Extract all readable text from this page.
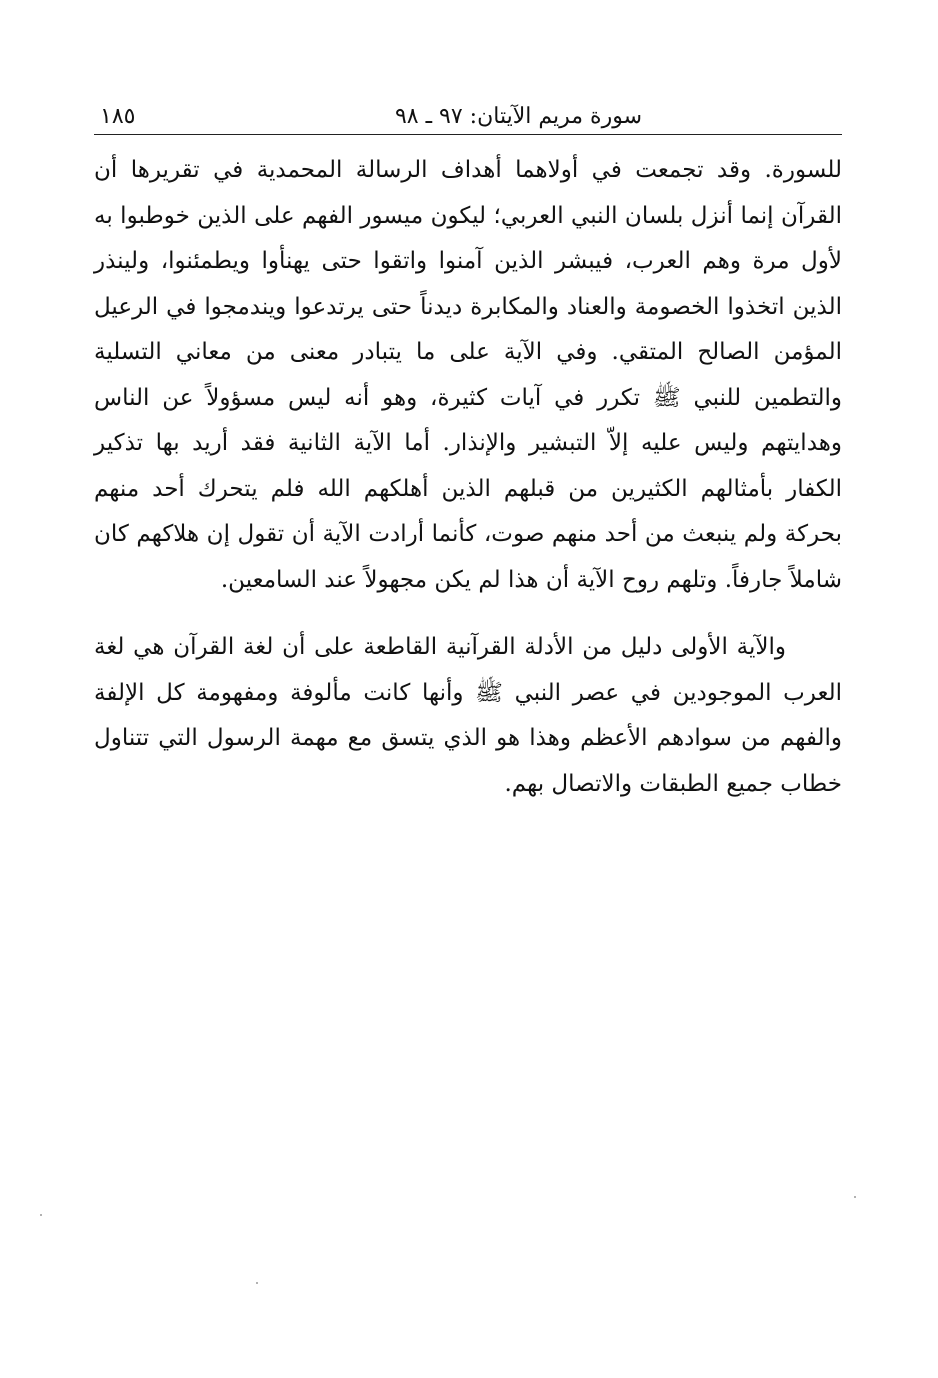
سورة مريم الآيتان: ٩٧ ـ ٩٨
١٨٥

للسورة. وقد تجمعت في أولاهما أهداف الرسالة المحمدية في تقريرها أن القرآن إنما أنزل بلسان النبي العربي؛ ليكون ميسور الفهم على الذين خوطبوا به لأول مرة وهم العرب، فيبشر الذين آمنوا واتقوا حتى يهنأوا ويطمئنوا، ولينذر الذين اتخذوا الخصومة والعناد والمكابرة ديدناً حتى يرتدعوا ويندمجوا في الرعيل المؤمن الصالح المتقي. وفي الآية على ما يتبادر معنى من معاني التسلية والتطمين للنبي ﷺ تكرر في آيات كثيرة، وهو أنه ليس مسؤولاً عن الناس وهدايتهم وليس عليه إلاّ التبشير والإنذار. أما الآية الثانية فقد أريد بها تذكير الكفار بأمثالهم الكثيرين من قبلهم الذين أهلكهم الله فلم يتحرك أحد منهم بحركة ولم ينبعث من أحد منهم صوت، كأنما أرادت الآية أن تقول إن هلاكهم كان شاملاً جارفاً. وتلهم روح الآية أن هذا لم يكن مجهولاً عند السامعين.

والآية الأولى دليل من الأدلة القرآنية القاطعة على أن لغة القرآن هي لغة العرب الموجودين في عصر النبي ﷺ وأنها كانت مألوفة ومفهومة كل الإلفة والفهم من سوادهم الأعظم وهذا هو الذي يتسق مع مهمة الرسول التي تتناول خطاب جميع الطبقات والاتصال بهم.
